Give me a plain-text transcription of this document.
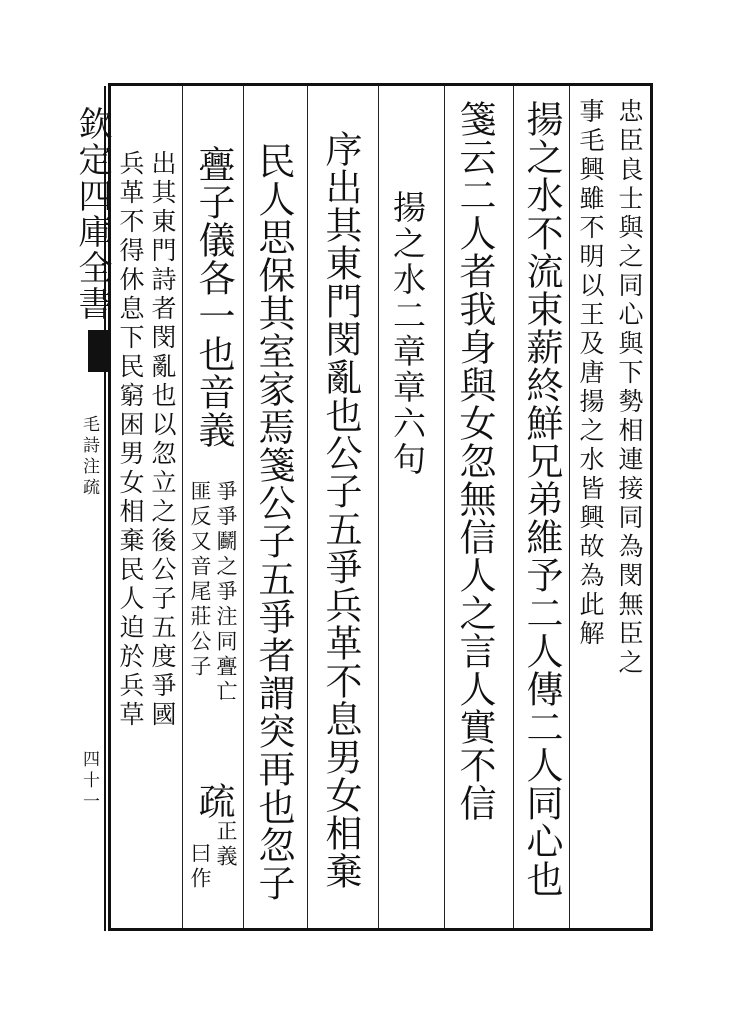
欽定四庫全書
毛詩注疏
四十一
忠臣良士與之同心與下勢相連接同為閔無臣之
事毛興雖不明以王及唐揚之水皆興故為此解
揚之水不流束薪終鮮兄弟維予二人傳二人同心也
箋云二人者我身與女忽無信人之言人實不信
揚之水二章章六句
序出其東門閔亂也公子五爭兵革不息男女相棄
民人思保其室家焉箋公子五爭者謂突再也忽子
亹子儀各一也音義
爭爭鬬之爭注同亹亡
匪反又音尾莊公子
疏
正義
曰作
出其東門詩者閔亂也以忽立之後公子五度爭國
兵革不得休息下民窮困男女相棄民人迫於兵草
